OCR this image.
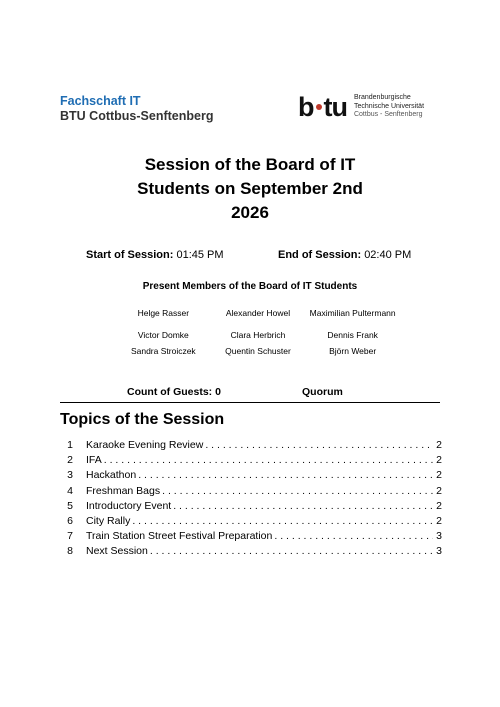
Fachschaft IT
BTU Cottbus-Senftenberg	b tu Brandenburgische
Technische Universität
Cottbus - Senftenberg
Session of the Board of IT
Students on September 2nd
2026
Start of Session: 01:45 PM	End of Session: 02:40 PM
Present Members of the Board of IT Students
Helge Rasser	Alexander Howel	Maximilian Pultermann
Victor Domke	Clara Herbrich	Dennis Frank
Sandra Stroiczek	Quentin Schuster	Björn Weber
Count of Guests: 0	Quorum
Topics of the Session
1 Karaoke Evening Review . . .	2
2 IFA . . .	2
3 Hackathon . . .	2
4 Freshman Bags . . .	2
5 Introductory Event . . .	2
6 City Rally . . .	2
7 Train Station Street Festival Preparation . . .	3
8 Next Session . . .	3
